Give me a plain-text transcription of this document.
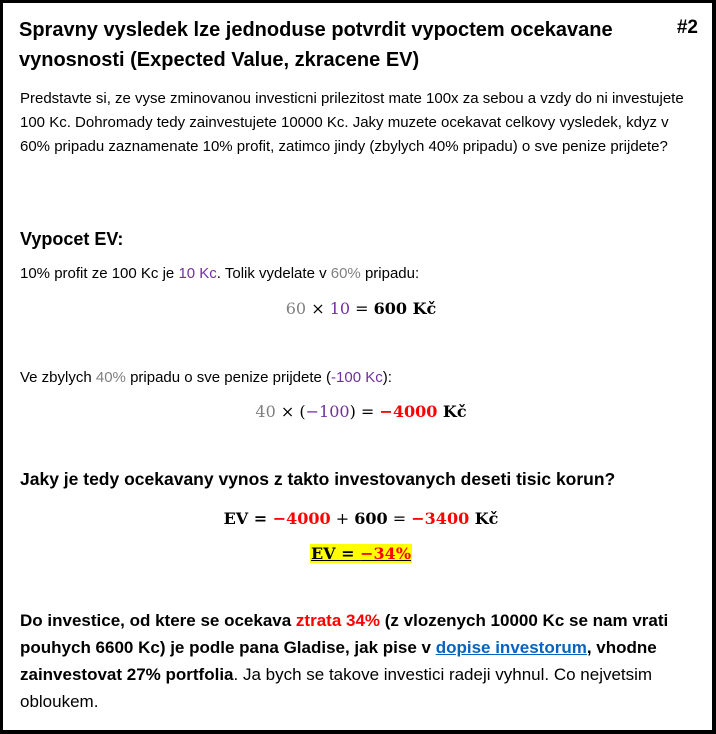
#2
Spravny vysledek lze jednoduse potvrdit vypoctem ocekavane vynosnosti (Expected Value, zkracene EV)

Predstavte si, ze vyse zminovanou investicni prilezitost mate 100x za sebou a vzdy do ni investujete 100 Kc. Dohromady tedy zainvestujete 10000 Kc. Jaky muzete ocekavat celkovy vysledek, kdyz v 60% pripadu zaznamenate 10% profit, zatimco jindy (zbylych 40% pripadu) o sve penize prijdete?

Vypocet EV:

10% profit ze 100 Kc je 10 Kc. Tolik vydelate v 60% pripadu:

60 × 10 = 600 Kč

Ve zbylych 40% pripadu o sve penize prijdete (-100 Kc):

40 × (−100) = −4000 Kč

Jaky je tedy ocekavany vynos z takto investovanych deseti tisic korun?

EV = −4000 + 600 = −3400 Kč
EV = −34%

Do investice, od ktere se ocekava ztrata 34% (z vlozenych 10000 Kc se nam vrati pouhych 6600 Kc) je podle pana Gladise, jak pise v dopise investorum, vhodne zainvestovat 27% portfolia. Ja bych se takove investici radeji vyhnul. Co nejvetsim obloukem.
